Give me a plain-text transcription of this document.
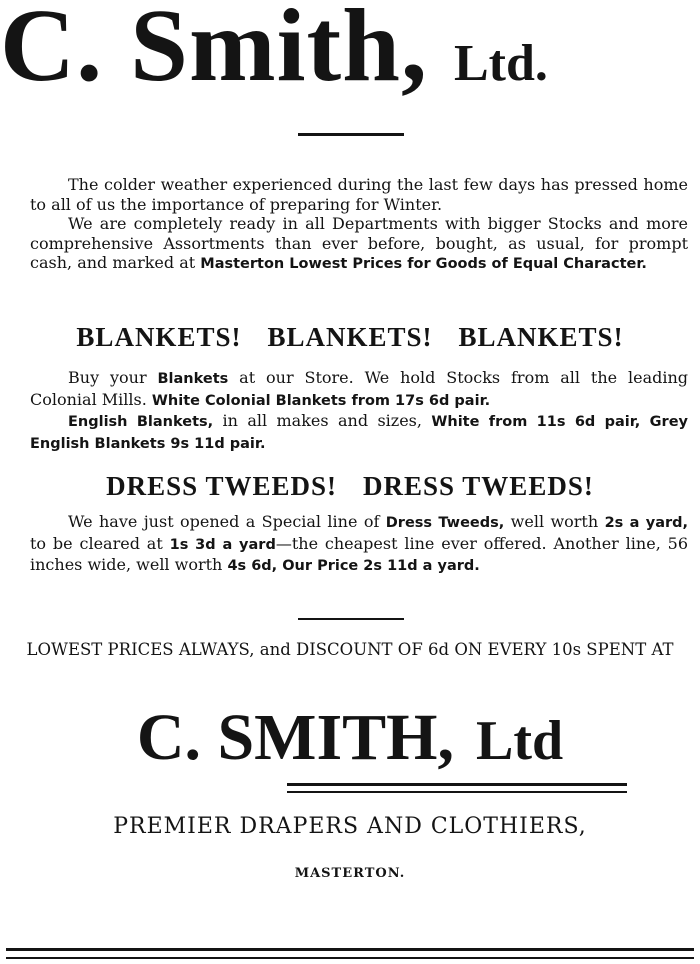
C. Smith, Ltd.
The colder weather experienced during the last few days has pressed home to all of us the importance of preparing for Winter.
We are completely ready in all Departments with bigger Stocks and more comprehensive Assortments than ever before, bought, as usual, for prompt cash, and marked at Masterton Lowest Prices for Goods of Equal Character.
BLANKETS! BLANKETS! BLANKETS!
Buy your Blankets at our Store. We hold Stocks from all the leading Colonial Mills. White Colonial Blankets from 17s 6d pair.
English Blankets, in all makes and sizes, White from 11s 6d pair, Grey English Blankets 9s 11d pair.
DRESS TWEEDS! DRESS TWEEDS!
We have just opened a Special line of Dress Tweeds, well worth 2s a yard, to be cleared at 1s 3d a yard—the cheapest line ever offered. Another line, 56 inches wide, well worth 4s 6d, Our Price 2s 11d a yard.
LOWEST PRICES ALWAYS, and DISCOUNT OF 6d ON EVERY 10s SPENT AT
C. SMITH, Ltd
PREMIER DRAPERS AND CLOTHIERS,
MASTERTON.
